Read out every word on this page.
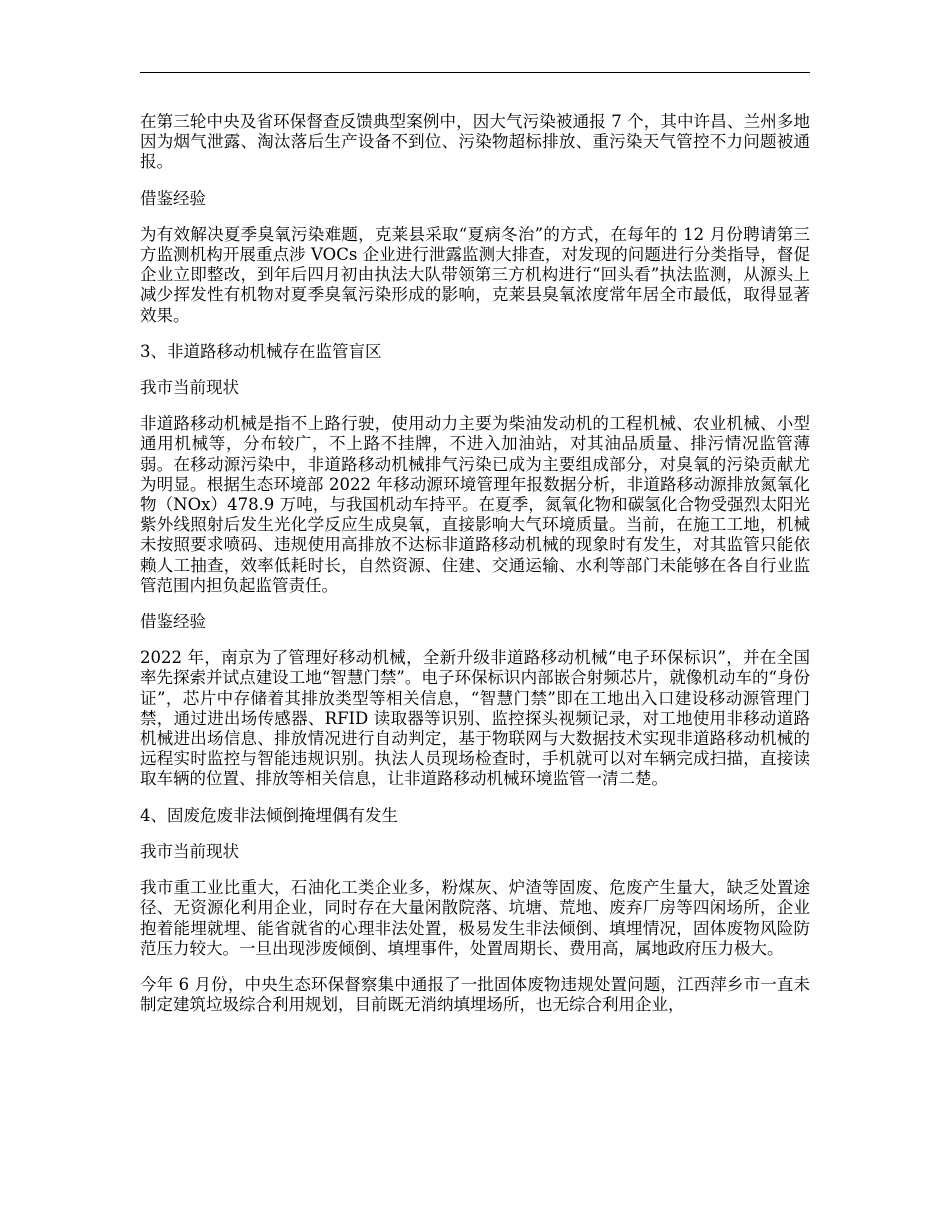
在第三轮中央及省环保督查反馈典型案例中，因大气污染被通报 7 个，其中许昌、兰州多地因为烟气泄露、淘汰落后生产设备不到位、污染物超标排放、重污染天气管控不力问题被通报。

借鉴经验

为有效解决夏季臭氧污染难题，克莱县采取“夏病冬治”的方式，在每年的 12 月份聘请第三方监测机构开展重点涉 VOCs 企业进行泄露监测大排查，对发现的问题进行分类指导，督促企业立即整改，到年后四月初由执法大队带领第三方机构进行“回头看”执法监测，从源头上减少挥发性有机物对夏季臭氧污染形成的影响，克莱县臭氧浓度常年居全市最低，取得显著效果。

3、非道路移动机械存在监管盲区

我市当前现状

非道路移动机械是指不上路行驶，使用动力主要为柴油发动机的工程机械、农业机械、小型通用机械等，分布较广，不上路不挂牌，不进入加油站，对其油品质量、排污情况监管薄弱。在移动源污染中，非道路移动机械排气污染已成为主要组成部分，对臭氧的污染贡献尤为明显。根据生态环境部 2022 年移动源环境管理年报数据分析，非道路移动源排放氮氧化物（NOx）478.9 万吨，与我国机动车持平。在夏季，氮氧化物和碳氢化合物受强烈太阳光紫外线照射后发生光化学反应生成臭氧，直接影响大气环境质量。当前，在施工工地，机械未按照要求喷码、违规使用高排放不达标非道路移动机械的现象时有发生，对其监管只能依赖人工抽查，效率低耗时长，自然资源、住建、交通运输、水利等部门未能够在各自行业监管范围内担负起监管责任。

借鉴经验

2022 年，南京为了管理好移动机械，全新升级非道路移动机械“电子环保标识”，并在全国率先探索并试点建设工地“智慧门禁”。电子环保标识内部嵌合射频芯片，就像机动车的“身份证”，芯片中存储着其排放类型等相关信息，“智慧门禁”即在工地出入口建设移动源管理门禁，通过进出场传感器、RFID 读取器等识别、监控探头视频记录，对工地使用非移动道路机械进出场信息、排放情况进行自动判定，基于物联网与大数据技术实现非道路移动机械的远程实时监控与智能违规识别。执法人员现场检查时，手机就可以对车辆完成扫描，直接读取车辆的位置、排放等相关信息，让非道路移动机械环境监管一清二楚。

4、固废危废非法倾倒掩埋偶有发生

我市当前现状

我市重工业比重大，石油化工类企业多，粉煤灰、炉渣等固废、危废产生量大，缺乏处置途径、无资源化利用企业，同时存在大量闲散院落、坑塘、荒地、废弃厂房等四闲场所，企业抱着能埋就埋、能省就省的心理非法处置，极易发生非法倾倒、填埋情况，固体废物风险防范压力较大。一旦出现涉废倾倒、填埋事件，处置周期长、费用高，属地政府压力极大。

今年 6 月份，中央生态环保督察集中通报了一批固体废物违规处置问题，江西萍乡市一直未制定建筑垃圾综合利用规划，目前既无消纳填埋场所，也无综合利用企业，
